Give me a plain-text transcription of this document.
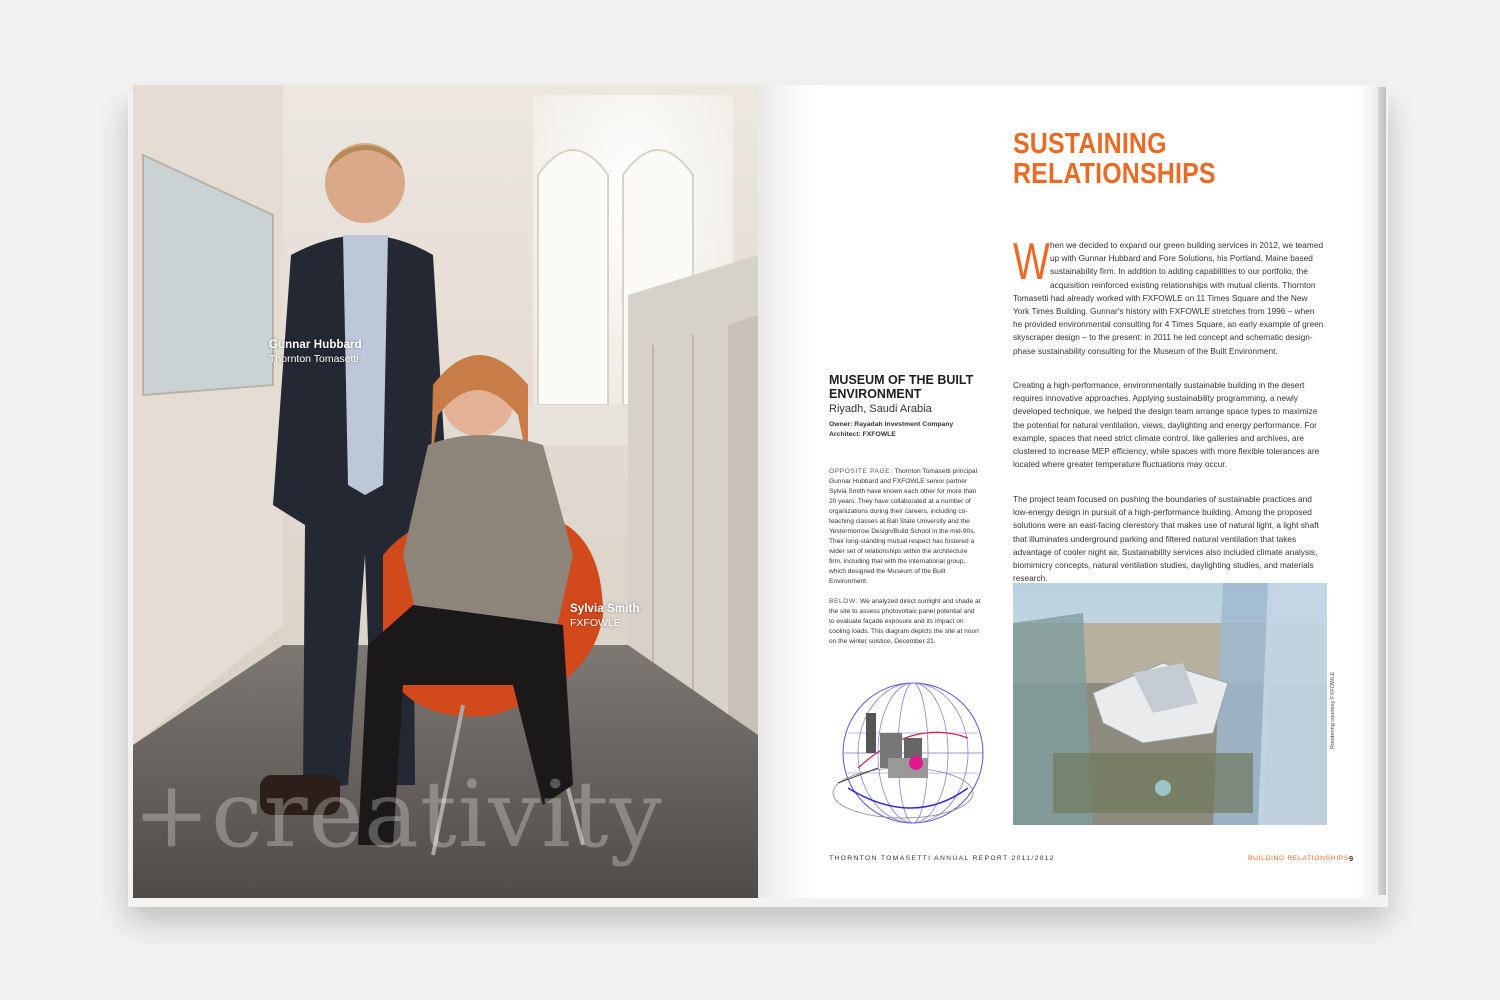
Gunnar Hubbard
Thornton Tomasetti
Sylvia Smith
FXFOWLE
+creativity
SUSTAINING
RELATIONSHIPS
When we decided to expand our green building services in 2012, we teamed up with Gunnar Hubbard and Fore Solutions, his Portland, Maine based sustainability firm. In addition to adding capabilities to our portfolio, the acquisition reinforced existing relationships with mutual clients. Thornton Tomasetti had already worked with FXFOWLE on 11 Times Square and the New York Times Building. Gunnar's history with FXFOWLE stretches from 1996 – when he provided environmental consulting for 4 Times Square, an early example of green skyscraper design – to the present: in 2011 he led concept and schematic design-phase sustainability consulting for the Museum of the Built Environment.
Creating a high-performance, environmentally sustainable building in the desert requires innovative approaches. Applying sustainability programming, a newly developed technique, we helped the design team arrange space types to maximize the potential for natural ventilation, views, daylighting and energy performance. For example, spaces that need strict climate control, like galleries and archives, are clustered to increase MEP efficiency, while spaces with more flexible tolerances are located where greater temperature fluctuations may occur.
The project team focused on pushing the boundaries of sustainable practices and low-energy design in pursuit of a high-performance building. Among the proposed solutions were an east-facing clerestory that makes use of natural light, a light shaft that illuminates underground parking and filtered natural ventilation that takes advantage of cooler night air. Sustainability services also included climate analysis, biomimicry concepts, natural ventilation studies, daylighting studies, and materials research.
MUSEUM OF THE BUILT ENVIRONMENT
Riyadh, Saudi Arabia
Owner: Rayadah Investment Company
Architect: FXFOWLE
OPPOSITE PAGE: Thornton Tomasetti principal Gunnar Hubbard and FXFOWLE senior partner Sylvia Smith have known each other for more than 20 years. They have collaborated at a number of organizations during their careers, including co-teaching classes at Ball State University and the Yestermorrow Design/Build School in the mid-90s. Their long-standing mutual respect has fostered a wider set of relationships within the architecture firm, including that with the international group, which designed the Museum of the Built Environment.
BELOW: We analyzed direct sunlight and shade at the site to assess photovoltaic panel potential and to evaluate façade exposure and its impact on cooling loads. This diagram depicts the site at noon on the winter solstice, December 21.
Rendering courtesy FXFOWLE
THORNTON TOMASETTI ANNUAL REPORT 2011/2012	BUILDING RELATIONSHIPS 9
